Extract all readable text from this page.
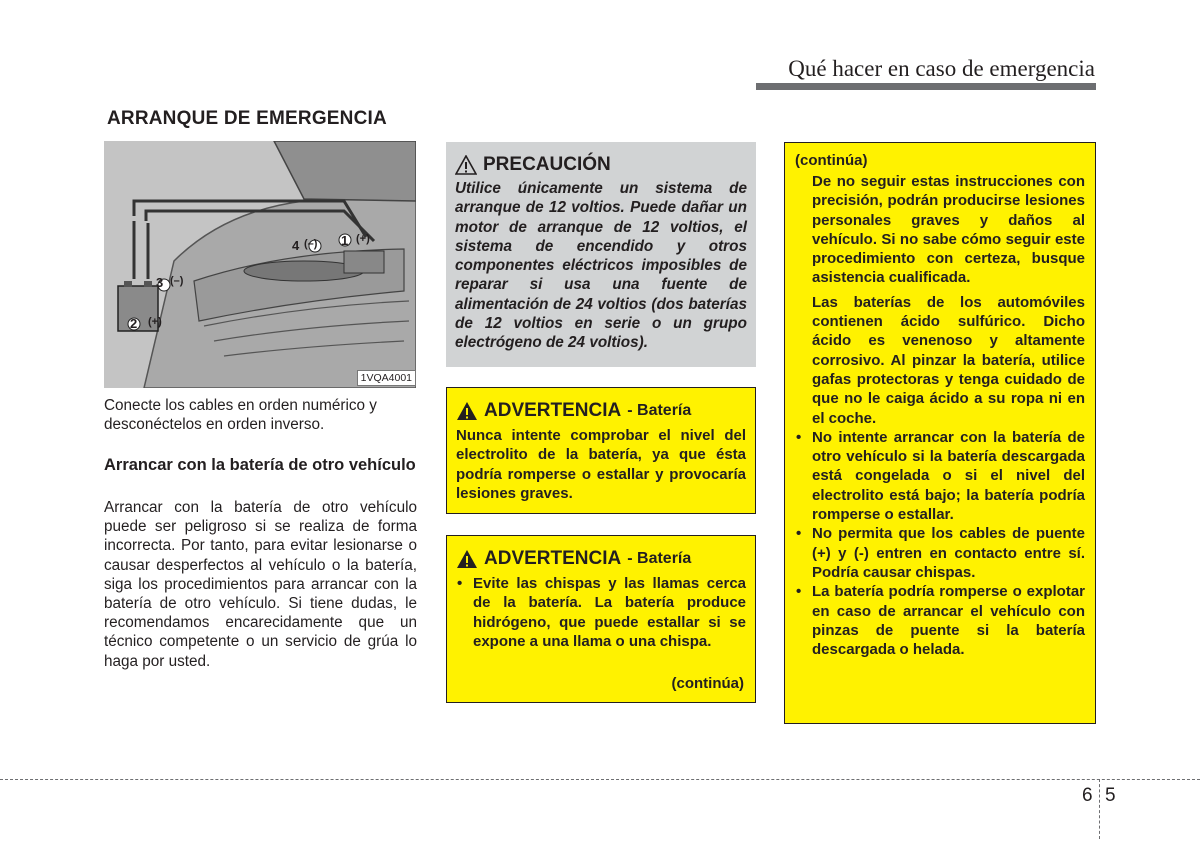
Qué hacer en caso de emergencia
ARRANQUE DE EMERGENCIA
4 (–) 1 (+)
3 (–)
2 (+)
1VQA4001
Conecte los cables en orden numérico y desconéctelos en orden inverso.
Arrancar con la batería de otro vehículo
Arrancar con la batería de otro vehículo puede ser peligroso si se realiza de forma incorrecta. Por tanto, para evitar lesionarse o causar desperfectos al vehículo o la batería, siga los procedimientos para arrancar con la batería de otro vehículo. Si tiene dudas, le recomendamos encarecidamente que un técnico competente o un servicio de grúa lo haga por usted.
PRECAUCIÓN
Utilice únicamente un sistema de arranque de 12 voltios. Puede dañar un motor de arranque de 12 voltios, el sistema de encendido y otros componentes eléctricos imposibles de reparar si usa una fuente de alimentación de 24 voltios (dos baterías de 12 voltios en serie o un grupo electrógeno de 24 voltios).
ADVERTENCIA - Batería
Nunca intente comprobar el nivel del electrolito de la batería, ya que ésta podría romperse o estallar y provocaría lesiones graves.
ADVERTENCIA - Batería
• Evite las chispas y las llamas cerca de la batería. La batería produce hidrógeno, que puede estallar si se expone a una llama o una chispa.
(continúa)
(continúa)
De no seguir estas instrucciones con precisión, podrán producirse lesiones personales graves y daños al vehículo. Si no sabe cómo seguir este procedimiento con certeza, busque asistencia cualificada.
Las baterías de los automóviles contienen ácido sulfúrico. Dicho ácido es venenoso y altamente corrosivo. Al pinzar la batería, utilice gafas protectoras y tenga cuidado de que no le caiga ácido a su ropa ni en el coche.
• No intente arrancar con la batería de otro vehículo si la batería descargada está congelada o si el nivel del electrolito está bajo; la batería podría romperse o estallar.
• No permita que los cables de puente (+) y (-) entren en contacto entre sí. Podría causar chispas.
• La batería podría romperse o explotar en caso de arrancar el vehículo con pinzas de puente si la batería descargada o helada.
6 5
